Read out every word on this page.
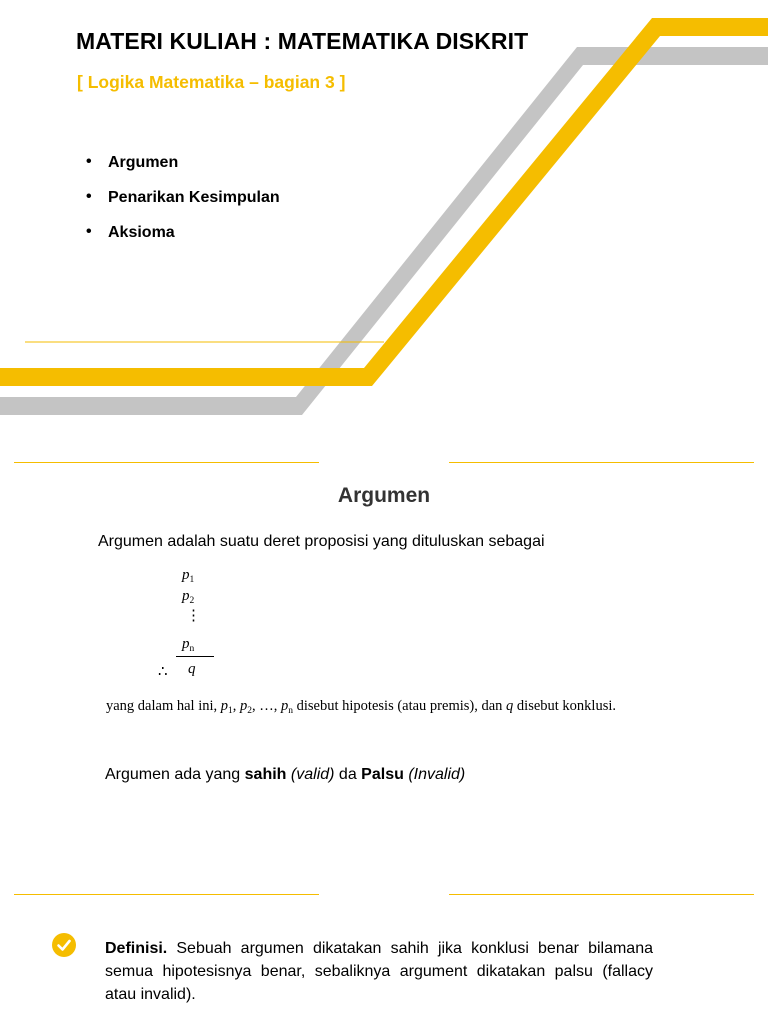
MATERI KULIAH : MATEMATIKA DISKRIT
[ Logika Matematika – bagian 3 ]
• Argumen
• Penarikan Kesimpulan
• Aksioma
Argumen
Argumen adalah suatu deret proposisi yang dituluskan sebagai
$p_1$
$p_2$
⋮
$p_n$
∴ q
yang dalam hal ini, $p_1$, $p_2$, …, $p_n$ disebut hipotesis (atau premis), dan q disebut konklusi.
Argumen ada yang sahih (valid) da Palsu (Invalid)
Definisi. Sebuah argumen dikatakan sahih jika konklusi benar bilamana semua hipotesisnya benar, sebaliknya argument dikatakan palsu (fallacy atau invalid).
